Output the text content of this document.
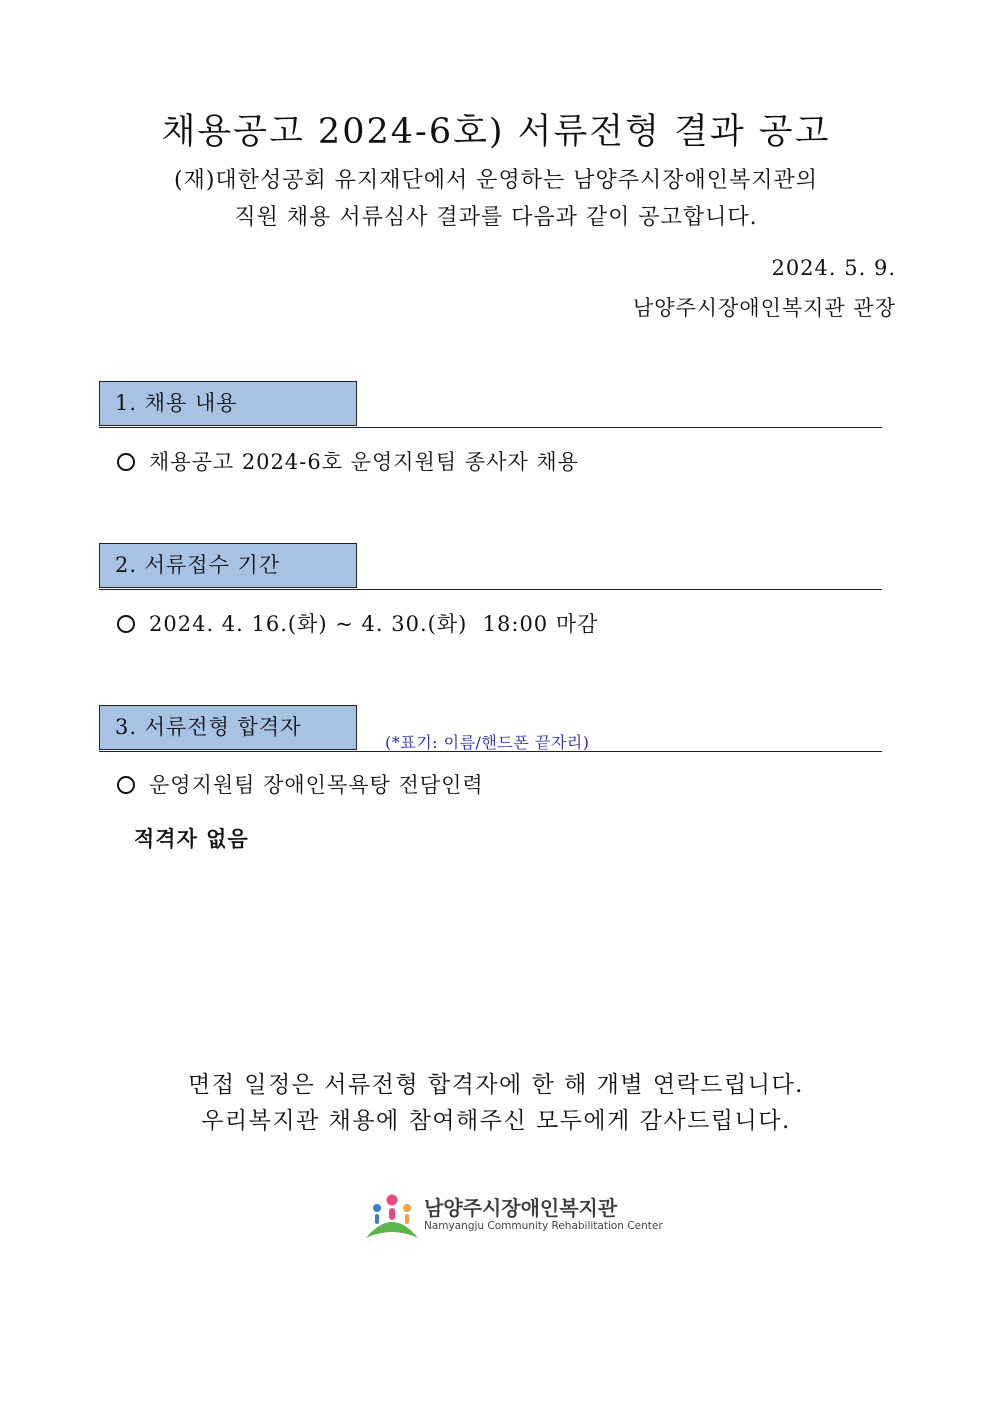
채용공고 2024-6호) 서류전형 결과 공고
(재)대한성공회 유지재단에서 운영하는 남양주시장애인복지관의
직원 채용 서류심사 결과를 다음과 같이 공고합니다.
2024. 5. 9.
남양주시장애인복지관 관장
1. 채용 내용
채용공고 2024-6호 운영지원팀 종사자 채용
2. 서류접수 기간
2024. 4. 16.(화) ~ 4. 30.(화)  18:00 마감
3. 서류전형 합격자
(*표기: 이름/핸드폰 끝자리)
운영지원팀 장애인목욕탕 전담인력
적격자 없음
면접 일정은 서류전형 합격자에 한 해 개별 연락드립니다.
우리복지관 채용에 참여해주신 모두에게 감사드립니다.
남양주시장애인복지관
Namyangju Community Rehabilitation Center
